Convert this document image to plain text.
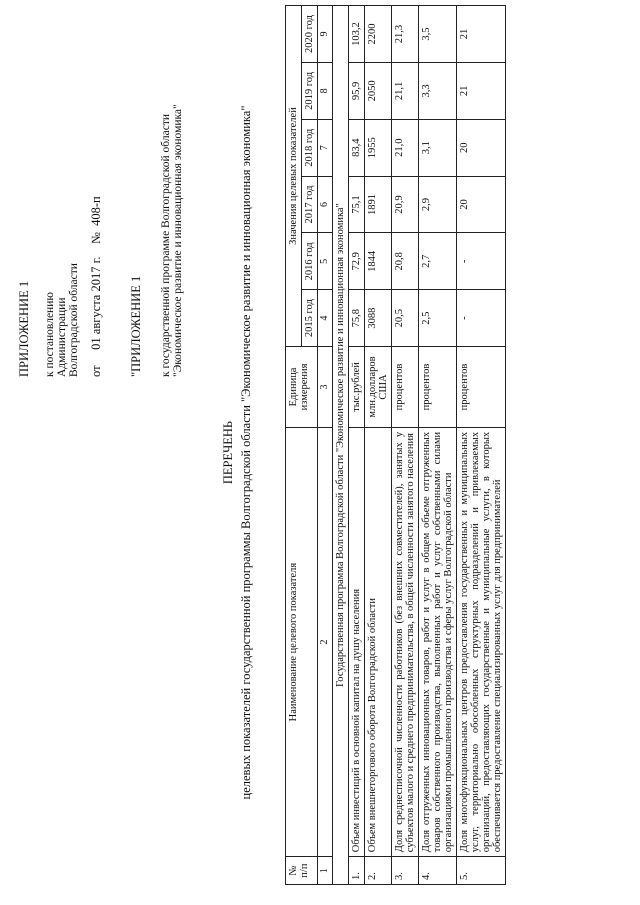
ПРИЛОЖЕНИЕ 1 к постановлению Администрации Волгоградской области от     01 августа 2017 г.    №  408-п
"ПРИЛОЖЕНИЕ 1 к государственной программе Волгоградской области "Экономическое развитие и инновационная экономика"
ПЕРЕЧЕНЬ целевых показателей государственной программы Волгоградской области "Экономическое развитие и инновационная экономика"
№ п/п	Наименование целевого показателя	Единица измерения	Значения целевых показателей					
			2015 год	2016 год	2017 год	2018 год	2019 год	2020 год
1	2	3	4	5	6	7	8	9
Государственная программа Волгоградской области "Экономическое развитие и инновационная экономика"								
1.	Объем инвестиций в основной капитал на душу населения	тыс.рублей	75,8	72,9	75,1	83,4	95,9	103,2
2.	Объем внешнеторгового оборота Волгоградской области	млн.долларов США	3088	1844	1891	1955	2050	2200
3.	Доля среднесписочной численности работников (без внешних совместителей), занятых у субъектов малого и среднего предпринимательства, в общей численности занятого населения	процентов	20,5	20,8	20,9	21,0	21,1	21,3
4.	Доля отгруженных инновационных товаров, работ и услуг в общем объеме отгруженных товаров собственного производства, выполненных работ и услуг собственными силами организациями промышленного производства и сферы услуг Волгоградской области	процентов	2,5	2,7	2,9	3,1	3,3	3,5
5.	Доля многофункциональных центров предоставления государственных и муниципальных услуг, территориально обособленных структурных подразделений и привлекаемых организаций, предоставляющих государственные и муниципальные услуги, в которых обеспечивается предоставление специализированных услуг для предпринимателей	процентов	-	-	20	20	21	21
